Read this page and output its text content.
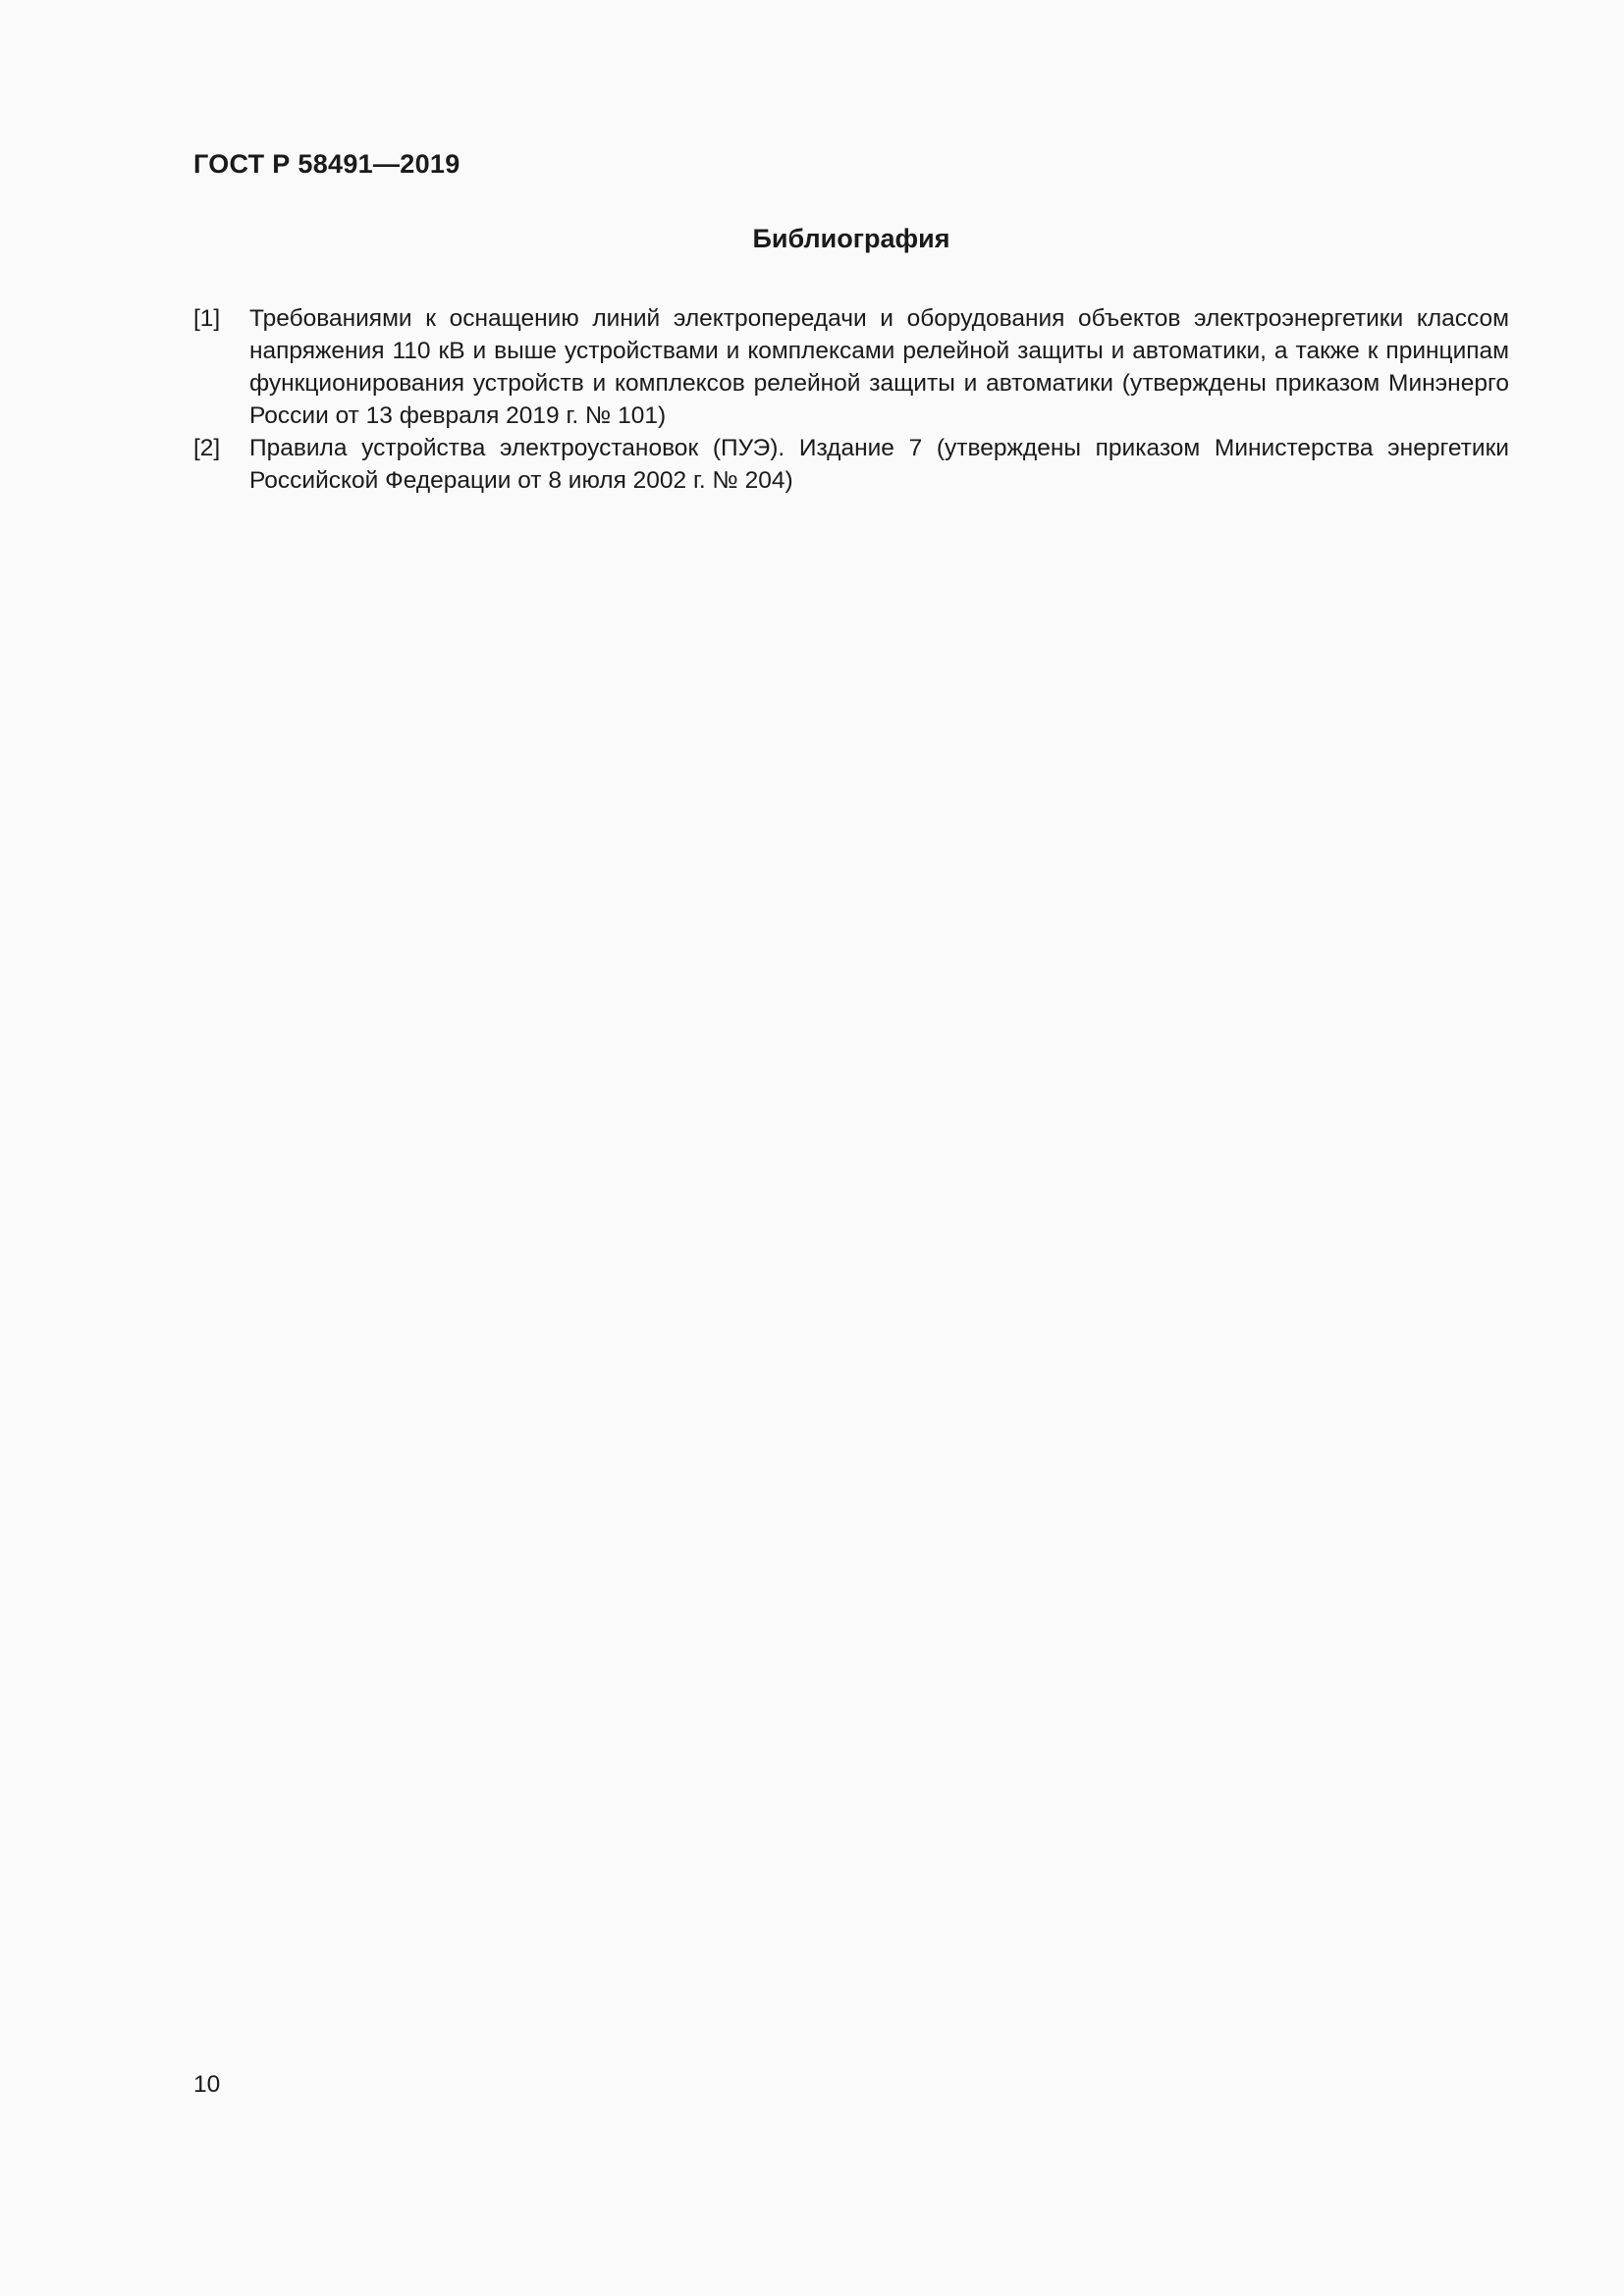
ГОСТ Р 58491—2019
Библиография
[1]	Требованиями к оснащению линий электропередачи и оборудования объектов электроэнергетики классом напряжения 110 кВ и выше устройствами и комплексами релейной защиты и автоматики, а также к принципам функционирования устройств и комплексов релейной защиты и автоматики (утверждены приказом Минэнерго России от 13 февраля 2019 г. № 101)
[2]	Правила устройства электроустановок (ПУЭ). Издание 7 (утверждены приказом Министерства энергетики Российской Федерации от 8 июля 2002 г. № 204)
10
